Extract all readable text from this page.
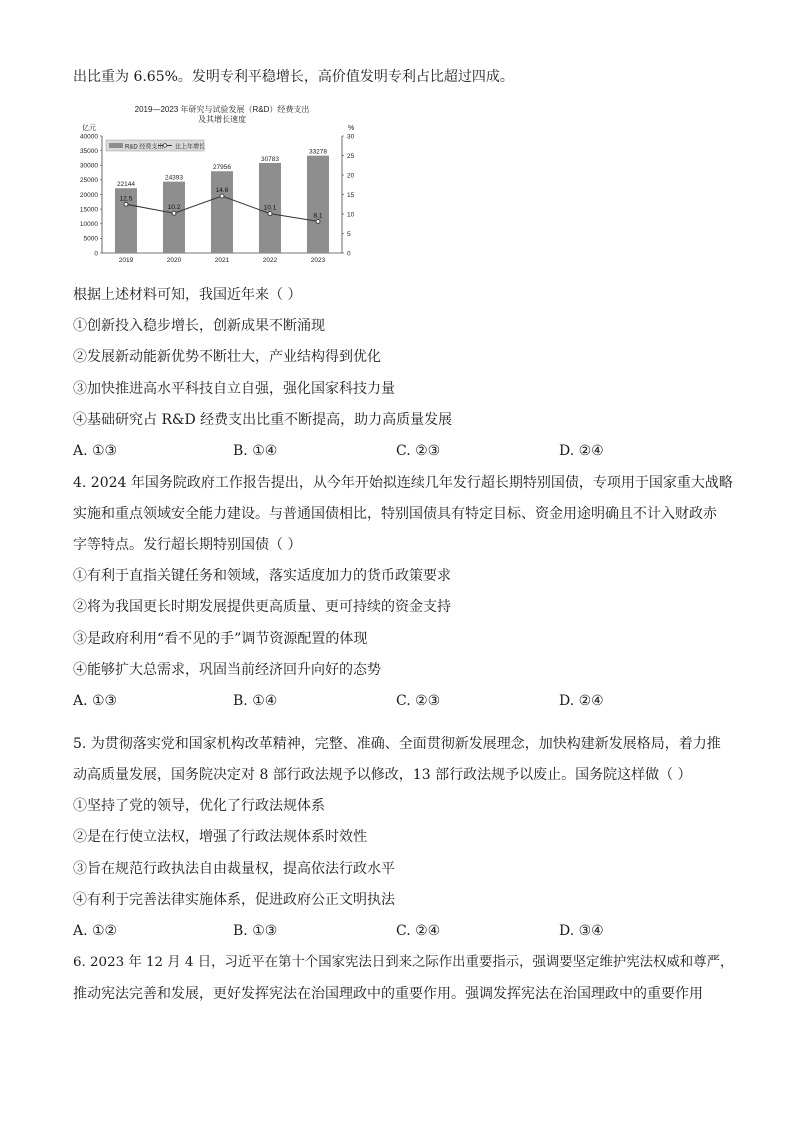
出比重为 6.65%。发明专利平稳增长，高价值发明专利占比超过四成。
2019—2023 年研究与试验发展（R&D）经费支出
及其增长速度
亿元	%
0
5000
10000
15000
20000
25000
30000
35000
40000
0
5
10
15
20
25
30
22144
24393
27956
30783
33278
2019	2020	2021	2022	2023
12.5
10.2
14.6
10.1
8.1
R&D 经费支出 比上年增长
根据上述材料可知，我国近年来（ ）
①创新投入稳步增长，创新成果不断涌现
②发展新动能新优势不断壮大，产业结构得到优化
③加快推进高水平科技自立自强，强化国家科技力量
④基础研究占 R&D 经费支出比重不断提高，助力高质量发展
A. ①③	B. ①④	C. ②③	D. ②④
4. 2024 年国务院政府工作报告提出，从今年开始拟连续几年发行超长期特别国债，专项用于国家重大战略
实施和重点领域安全能力建设。与普通国债相比，特别国债具有特定目标、资金用途明确且不计入财政赤
字等特点。发行超长期特别国债（ ）
①有利于直指关键任务和领域，落实适度加力的货币政策要求
②将为我国更长时期发展提供更高质量、更可持续的资金支持
③是政府利用“看不见的手”调节资源配置的体现
④能够扩大总需求，巩固当前经济回升向好的态势
A. ①③	B. ①④	C. ②③	D. ②④
5. 为贯彻落实党和国家机构改革精神，完整、准确、全面贯彻新发展理念，加快构建新发展格局，着力推
动高质量发展，国务院决定对 8 部行政法规予以修改，13 部行政法规予以废止。国务院这样做（ ）
①坚持了党的领导，优化了行政法规体系
②是在行使立法权，增强了行政法规体系时效性
③旨在规范行政执法自由裁量权，提高依法行政水平
④有利于完善法律实施体系，促进政府公正文明执法
A. ①②	B. ①③	C. ②④	D. ③④
6. 2023 年 12 月 4 日，习近平在第十个国家宪法日到来之际作出重要指示，强调要坚定维护宪法权威和尊严，
推动宪法完善和发展，更好发挥宪法在治国理政中的重要作用。强调发挥宪法在治国理政中的重要作用
